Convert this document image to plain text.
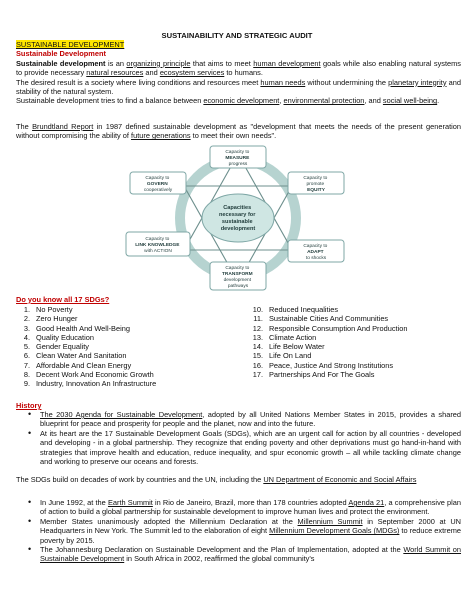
SUSTAINABILITY AND STRATEGIC AUDIT

SUSTAINABLE DEVELOPMENT

Sustainable Development

Sustainable development is an organizing principle that aims to meet human development goals while also enabling natural systems to provide necessary natural resources and ecosystem services to humans.

The desired result is a society where living conditions and resources meet human needs without undermining the planetary integrity and stability of the natural system.

Sustainable development tries to find a balance between economic development, environmental protection, and social well-being.

The Brundtland Report in 1987 defined sustainable development as "development that meets the needs of the present generation without compromising the ability of future generations to meet their own needs".
Capacities necessary for sustainable development
Capacity to MEASURE progress
Capacity to promote EQUITY
Capacity to ADAPT to shocks
Capacity to TRANSFORM development pathways
Capacity to LINK KNOWLEDGE with ACTION
Capacity to GOVERN cooperatively
Do you know all 17 SDGs?
1. No Poverty
2. Zero Hunger
3. Good Health And Well-Being
4. Quality Education
5. Gender Equality
6. Clean Water And Sanitation
7. Affordable And Clean Energy
8. Decent Work And Economic Growth
9. Industry, Innovation An Infrastructure
10. Reduced Inequalities
11. Sustainable Cities And Communities
12. Responsible Consumption And Production
13. Climate Action
14. Life Below Water
15. Life On Land
16. Peace, Justice And Strong Institutions
17. Partnerships And For The Goals
History
• The 2030 Agenda for Sustainable Development, adopted by all United Nations Member States in 2015, provides a shared blueprint for peace and prosperity for people and the planet, now and into the future.
• At its heart are the 17 Sustainable Development Goals (SDGs), which are an urgent call for action by all countries - developed and developing - in a global partnership. They recognize that ending poverty and other deprivations must go hand-in-hand with strategies that improve health and education, reduce inequality, and spur economic growth – all while tackling climate change and working to preserve our oceans and forests.
The SDGs build on decades of work by countries and the UN, including the UN Department of Economic and Social Affairs
• In June 1992, at the Earth Summit in Rio de Janeiro, Brazil, more than 178 countries adopted Agenda 21, a comprehensive plan of action to build a global partnership for sustainable development to improve human lives and protect the environment.
• Member States unanimously adopted the Millennium Declaration at the Millennium Summit in September 2000 at UN Headquarters in New York. The Summit led to the elaboration of eight Millennium Development Goals (MDGs) to reduce extreme poverty by 2015.
• The Johannesburg Declaration on Sustainable Development and the Plan of Implementation, adopted at the World Summit on Sustainable Development in South Africa in 2002, reaffirmed the global community's
